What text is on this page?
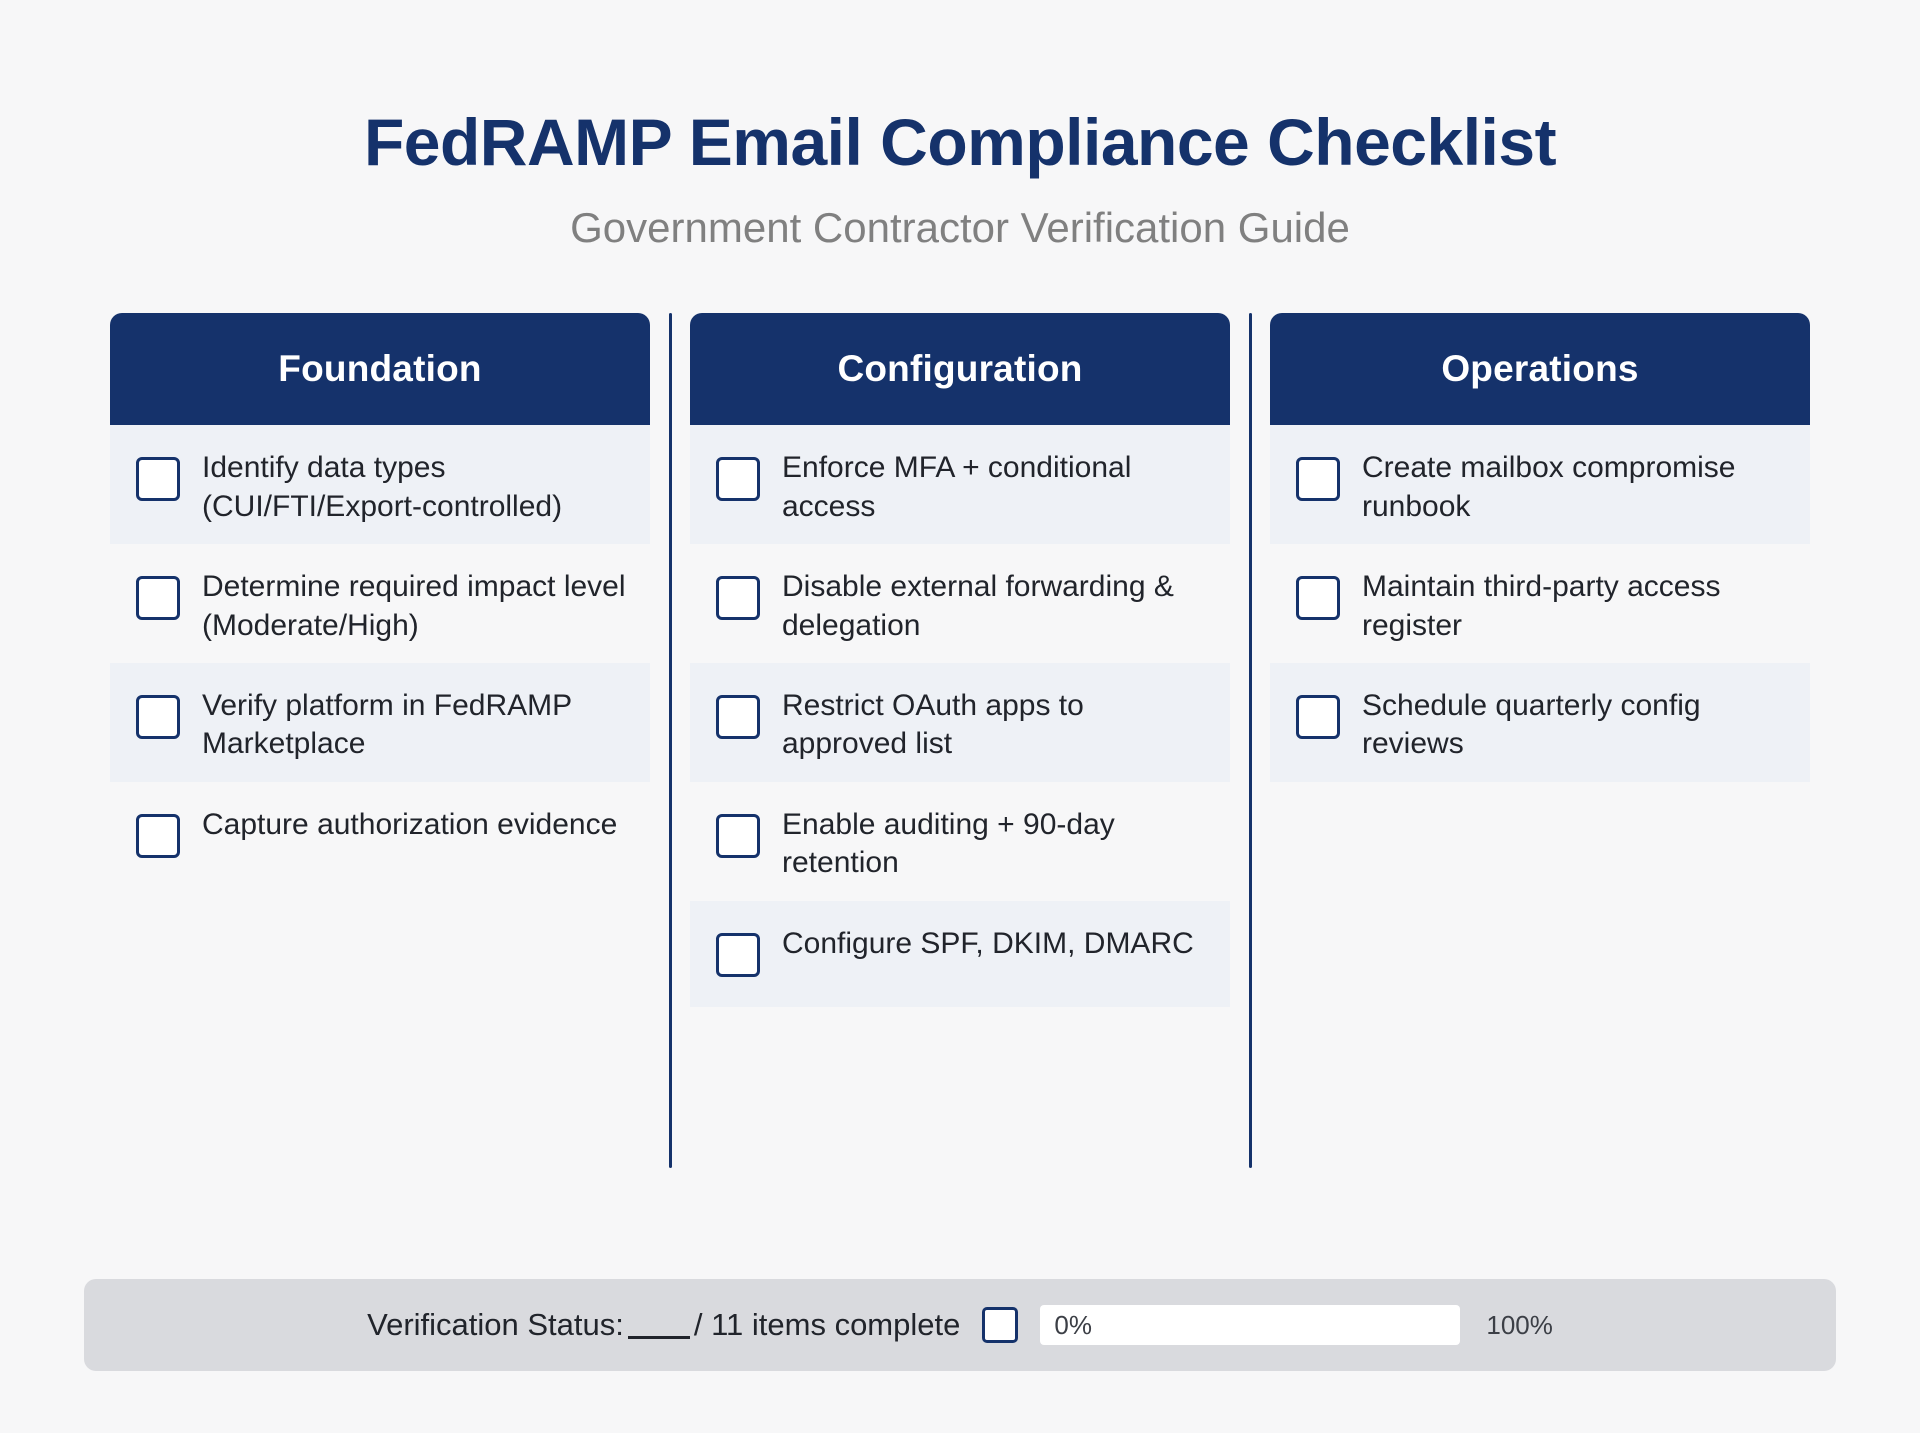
FedRAMP Email Compliance Checklist
Government Contractor Verification Guide
Foundation
Identify data types (CUI/FTI/Export-controlled)
Determine required impact level (Moderate/High)
Verify platform in FedRAMP Marketplace
Capture authorization evidence
Configuration
Enforce MFA + conditional access
Disable external forwarding & delegation
Restrict OAuth apps to approved list
Enable auditing + 90-day retention
Configure SPF, DKIM, DMARC
Operations
Create mailbox compromise runbook
Maintain third-party access register
Schedule quarterly config reviews
Verification Status: / 11 items complete	0%	100%
